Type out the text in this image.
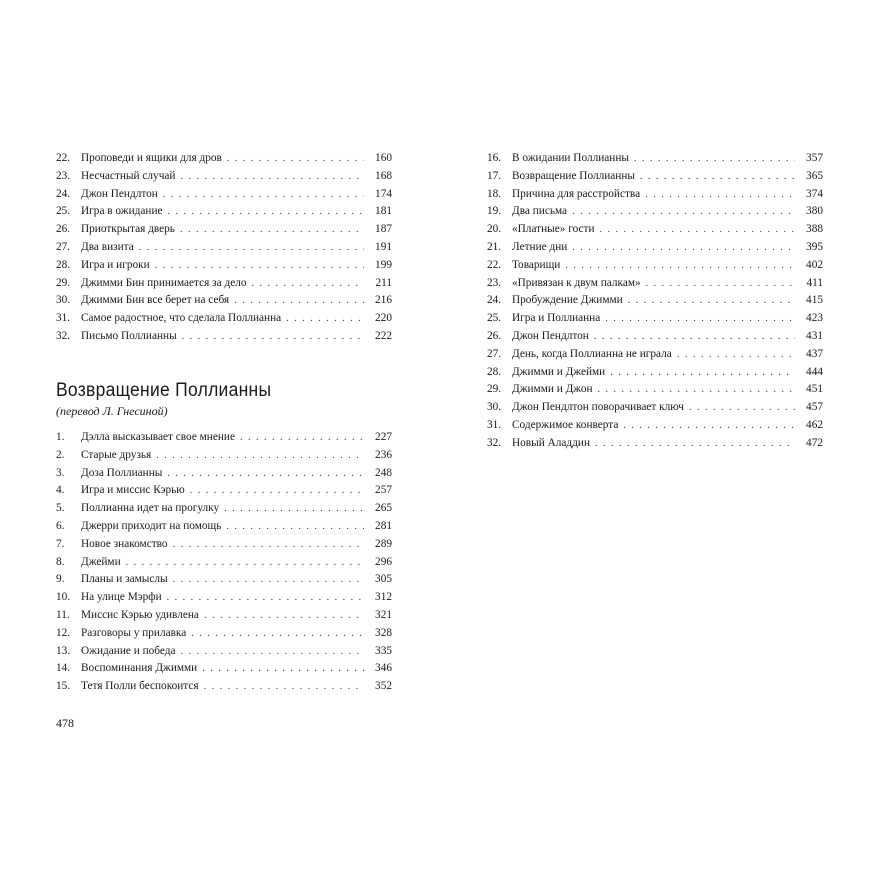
22. Проповеди и ящики для дров . . .	160
23. Несчастный случай . . .	168
24. Джон Пендлтон . . .	174
25. Игра в ожидание . . .	181
26. Приоткрытая дверь . . .	187
27. Два визита . . .	191
28. Игра и игроки . . .	199
29. Джимми Бин принимается за дело . . .	211
30. Джимми Бин все берет на себя . . .	216
31. Самое радостное, что сделала Поллианна . . .	220
32. Письмо Поллианны . . .	222
Возвращение Поллианны

(перевод Л. Гнесиной)

1.	Дэлла высказывает свое мнение . . .	227
2.	Старые друзья . . .	236
3.	Доза Поллианны . . .	248
4.	Игра и миссис Кэрью . . .	257
5.	Поллианна идет на прогулку . . .	265
6.	Джерри приходит на помощь . . .	281
7.	Новое знакомство . . .	289
8.	Джейми . . .	296
9.	Планы и замыслы . . .	305
10. На улице Мэрфи . . .	312
11. Миссис Кэрью удивлена . . .	321
12. Разговоры у прилавка . . .	328
13. Ожидание и победа . . .	335
14. Воспоминания Джимми . . .	346
15. Тетя Полли беспокоится . . .	352
16. В ожидании Поллианны . . .	357
17. Возвращение Поллианны . . .	365
18. Причина для расстройства . . .	374
19. Два письма . . .	380
20. «Платные» гости . . .	388
21. Летние дни . . .	395
22. Товарищи . . .	402
23. «Привязан к двум палкам» . . .	411
24. Пробуждение Джимми . . .	415
25. Игра и Поллианна . . .	423
26. Джон Пендлтон . . .	431
27. День, когда Поллианна не играла . . .	437
28. Джимми и Джейми . . .	444
29. Джимми и Джон . . .	451
30. Джон Пендлтон поворачивает ключ . . .	457
31. Содержимое конверта . . .	462
32. Новый Аладдин . . .	472
478
